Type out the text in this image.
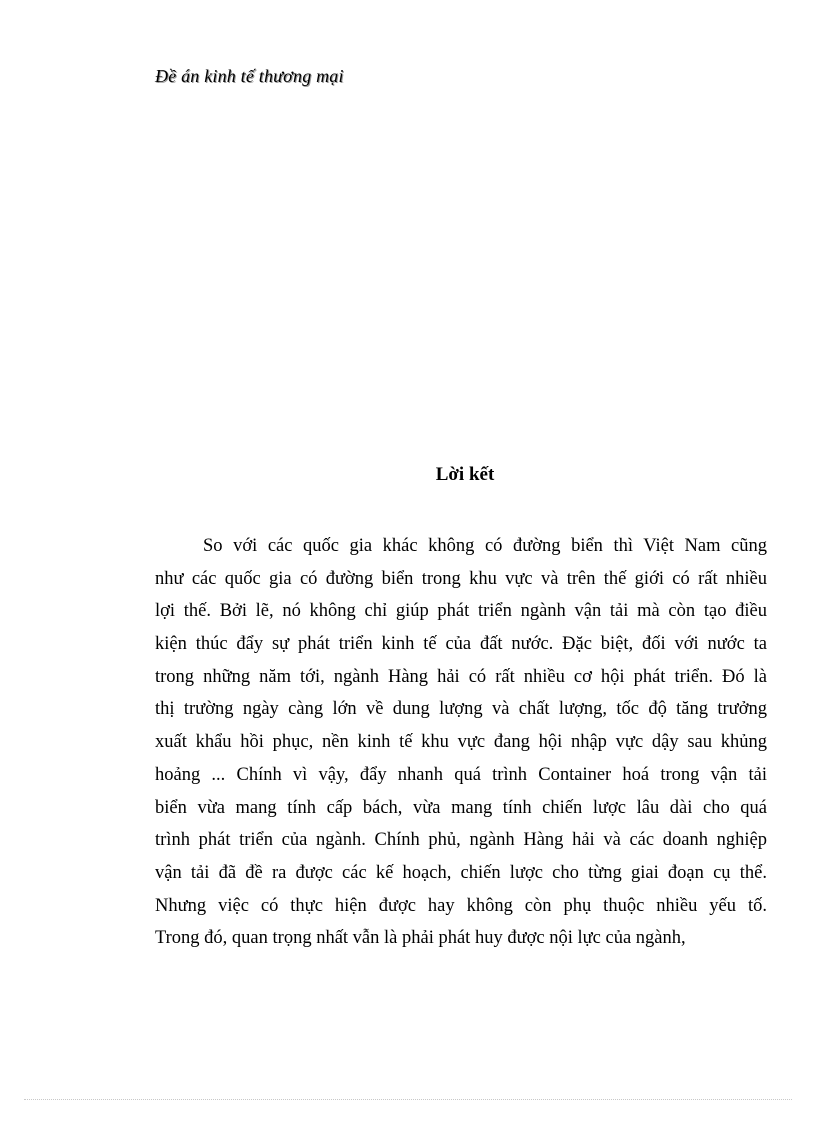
Đề án kinh tế thương mại
Lời kết
So với các quốc gia khác không có đường biển thì Việt Nam cũng
như các quốc gia có đường biển trong khu vực và trên thế giới có rất nhiều
lợi thế. Bởi lẽ, nó không chỉ giúp phát triển ngành vận tải mà còn tạo điều
kiện thúc đẩy sự phát triển kinh tế của đất nước. Đặc biệt, đối với nước ta
trong những năm tới, ngành Hàng hải có rất nhiều cơ hội phát triển. Đó là
thị trường ngày càng lớn về dung lượng và chất lượng, tốc độ tăng trưởng
xuất khẩu hồi phục, nền kinh tế khu vực đang hội nhập vực dậy sau khủng
hoảng ... Chính vì vậy, đẩy nhanh quá trình Container hoá trong vận tải
biển vừa mang tính cấp bách, vừa mang tính chiến lược lâu dài cho quá
trình phát triển của ngành. Chính phủ, ngành Hàng hải và các doanh nghiệp
vận tải đã đề ra được các kế hoạch, chiến lược cho từng giai đoạn cụ thể.
Nhưng việc có thực hiện được hay không còn phụ thuộc nhiều yếu tố.
Trong đó, quan trọng nhất vẫn là phải phát huy được nội lực của ngành,
